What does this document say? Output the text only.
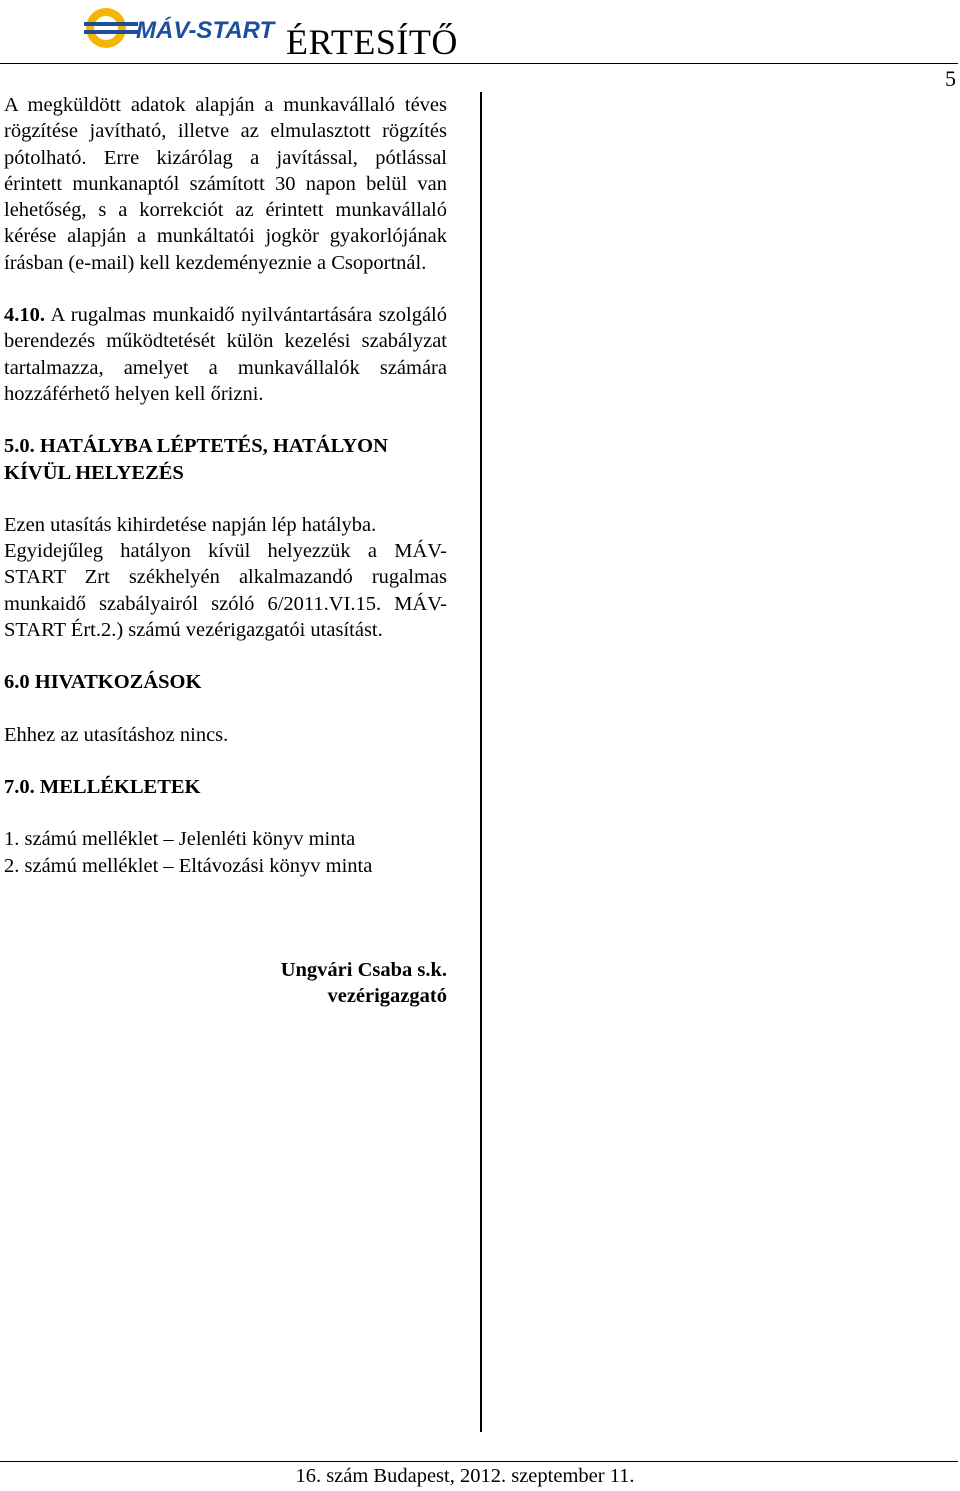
MÁV-START ÉRTESÍTŐ
5

A megküldött adatok alapján a munkavállaló téves rögzítése javítható, illetve az elmulasztott rögzítés pótolható. Erre kizárólag a javítással, pótlással érintett munkanaptól számított 30 napon belül van lehetőség, s a korrekciót az érintett munkavállaló kérése alapján a munkáltatói jogkör gyakorlójának írásban (e-mail) kell kezdeményeznie a Csoportnál.

4.10. A rugalmas munkaidő nyilvántartására szolgáló berendezés működtetését külön kezelési szabályzat tartalmazza, amelyet a munkavállalók számára hozzáférhető helyen kell őrizni.

5.0. HATÁLYBA LÉPTETÉS, HATÁLYON KÍVÜL HELYEZÉS

Ezen utasítás kihirdetése napján lép hatályba.

Egyidejűleg hatályon kívül helyezzük a MÁV-START Zrt székhelyén alkalmazandó rugalmas munkaidő szabályairól szóló 6/2011.VI.15. MÁV-START Ért.2.) számú vezérigazgatói utasítást.

6.0 HIVATKOZÁSOK

Ehhez az utasításhoz nincs.

7.0. MELLÉKLETEK

1. számú melléklet – Jelenléti könyv minta

2. számú melléklet – Eltávozási könyv minta

Ungvári Csaba s.k.
vezérigazgató
16. szám Budapest, 2012. szeptember 11.
